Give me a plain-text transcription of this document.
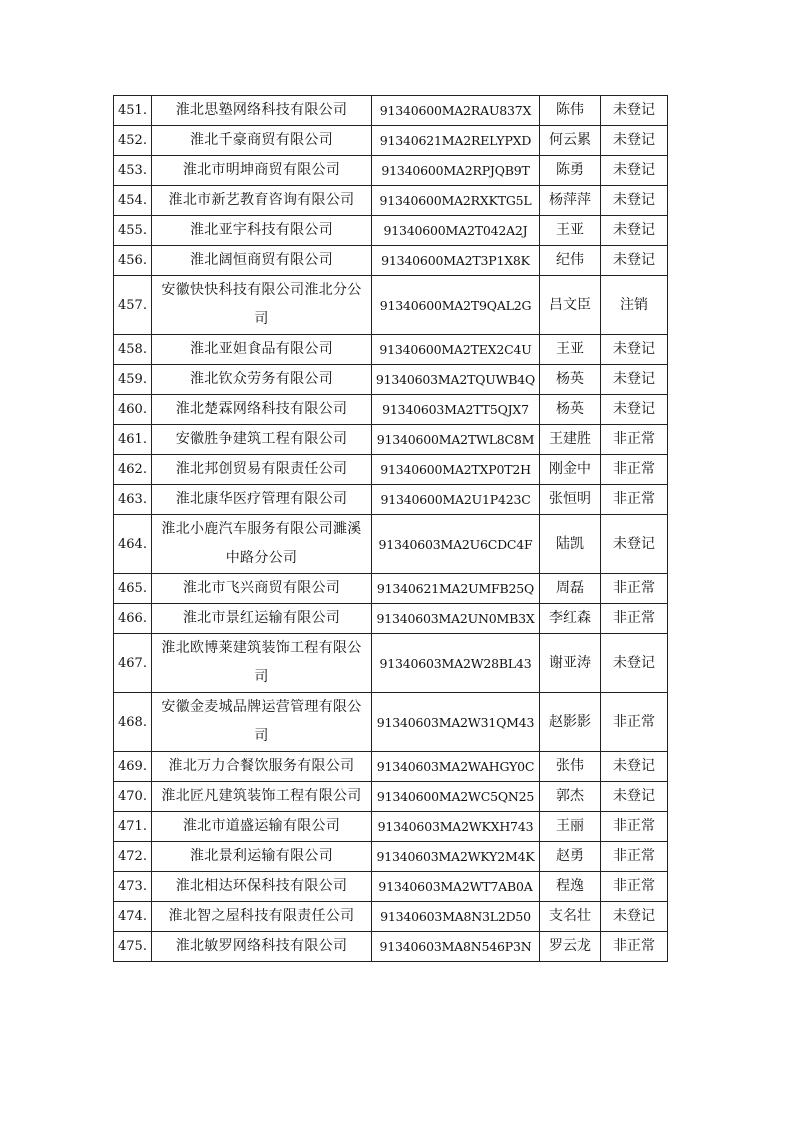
451.	淮北思塾网络科技有限公司	91340600MA2RAU837X	陈伟	未登记
452.	淮北千豪商贸有限公司	91340621MA2RELYPXD	何云累	未登记
453.	淮北市明坤商贸有限公司	91340600MA2RPJQB9T	陈勇	未登记
454.	淮北市新艺教育咨询有限公司	91340600MA2RXKTG5L	杨萍萍	未登记
455.	淮北亚宇科技有限公司	91340600MA2T042A2J	王亚	未登记
456.	淮北阔恒商贸有限公司	91340600MA2T3P1X8K	纪伟	未登记
457.	安徽快快科技有限公司淮北分公司	91340600MA2T9QAL2G	吕文臣	注销
458.	淮北亚妲食品有限公司	91340600MA2TEX2C4U	王亚	未登记
459.	淮北钦众劳务有限公司	91340603MA2TQUWB4Q	杨英	未登记
460.	淮北楚霖网络科技有限公司	91340603MA2TT5QJX7	杨英	未登记
461.	安徽胜争建筑工程有限公司	91340600MA2TWL8C8M	王建胜	非正常
462.	淮北邦创贸易有限责任公司	91340600MA2TXP0T2H	刚金中	非正常
463.	淮北康华医疗管理有限公司	91340600MA2U1P423C	张恒明	非正常
464.	淮北小鹿汽车服务有限公司濉溪中路分公司	91340603MA2U6CDC4F	陆凯	未登记
465.	淮北市飞兴商贸有限公司	91340621MA2UMFB25Q	周磊	非正常
466.	淮北市景红运输有限公司	91340603MA2UN0MB3X	李红森	非正常
467.	淮北欧博莱建筑装饰工程有限公司	91340603MA2W28BL43	谢亚涛	未登记
468.	安徽金麦城品牌运营管理有限公司	91340603MA2W31QM43	赵影影	非正常
469.	淮北万力合餐饮服务有限公司	91340603MA2WAHGY0C	张伟	未登记
470.	淮北匠凡建筑装饰工程有限公司	91340600MA2WC5QN25	郭杰	未登记
471.	淮北市道盛运输有限公司	91340603MA2WKXH743	王丽	非正常
472.	淮北景利运输有限公司	91340603MA2WKY2M4K	赵勇	非正常
473.	淮北相达环保科技有限公司	91340603MA2WT7AB0A	程逸	非正常
474.	淮北智之屋科技有限责任公司	91340603MA8N3L2D50	支名壮	未登记
475.	淮北敏罗网络科技有限公司	91340603MA8N546P3N	罗云龙	非正常
